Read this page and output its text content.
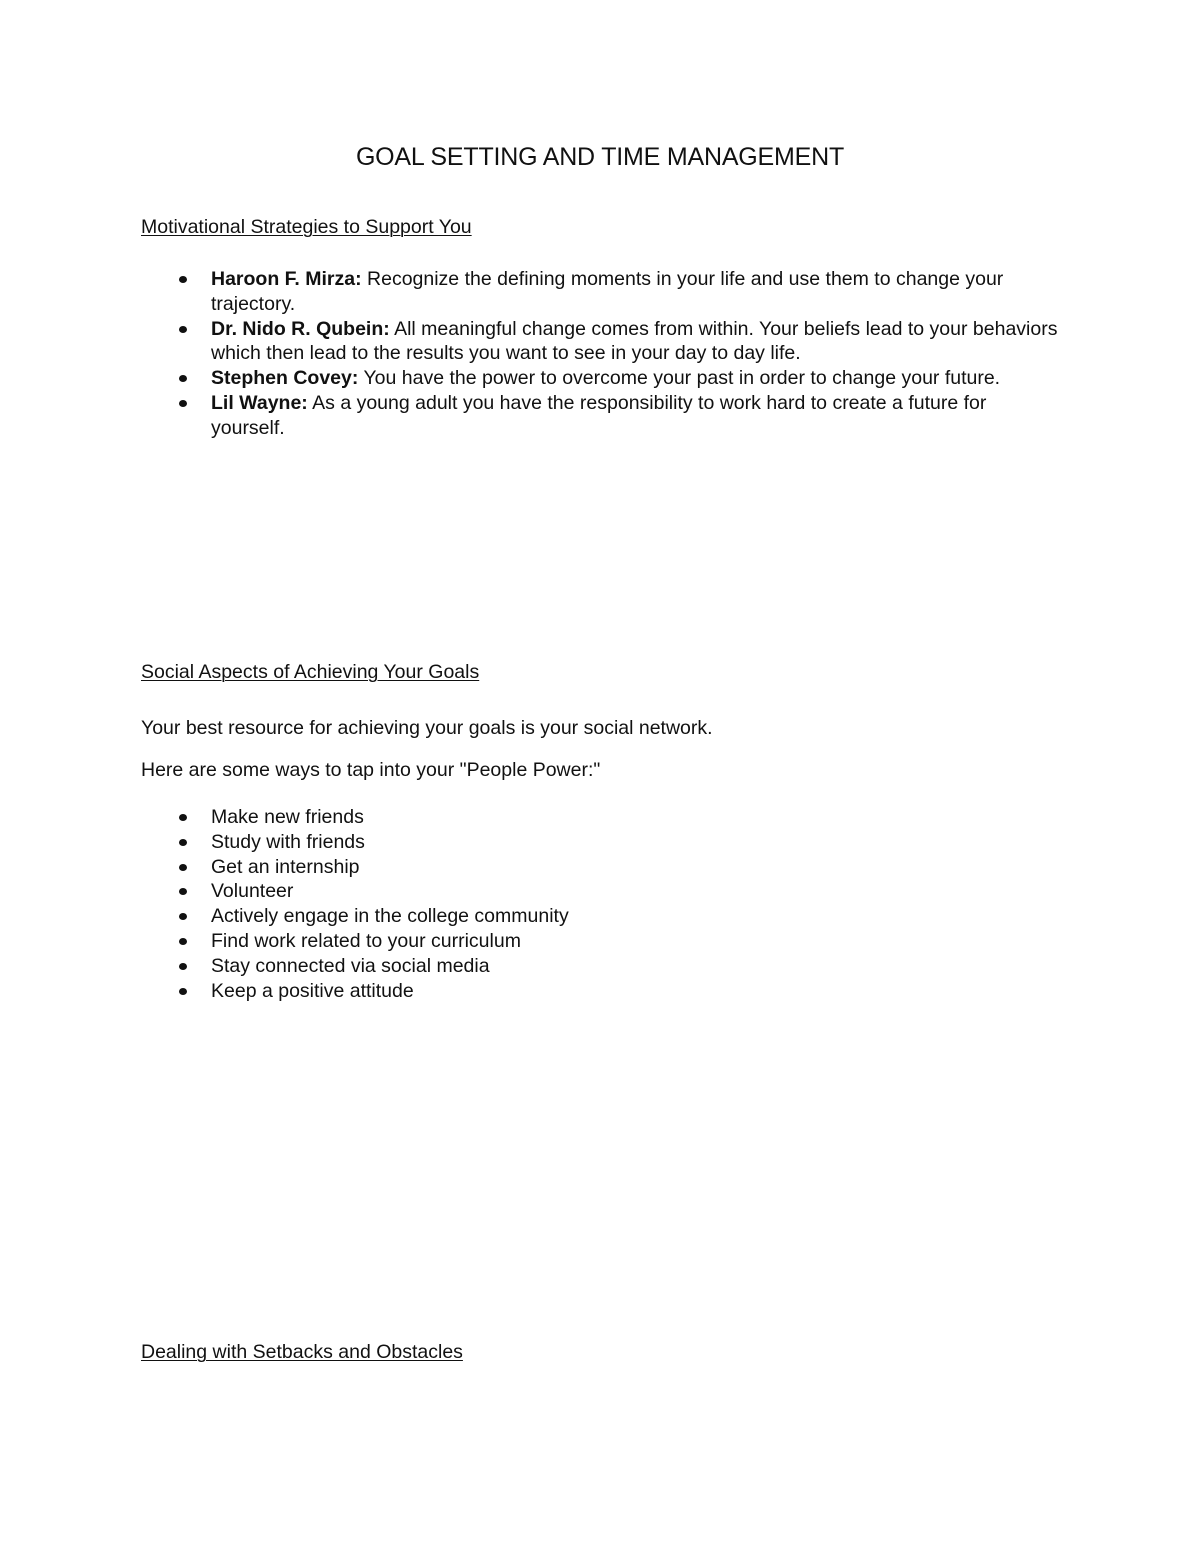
GOAL SETTING AND TIME MANAGEMENT
Motivational Strategies to Support You
Haroon F. Mirza: Recognize the defining moments in your life and use them to change your trajectory.
Dr. Nido R. Qubein: All meaningful change comes from within. Your beliefs lead to your behaviors which then lead to the results you want to see in your day to day life.
Stephen Covey: You have the power to overcome your past in order to change your future.
Lil Wayne: As a young adult you have the responsibility to work hard to create a future for yourself.
Social Aspects of Achieving Your Goals
Your best resource for achieving your goals is your social network.
Here are some ways to tap into your "People Power:"
Make new friends
Study with friends
Get an internship
Volunteer
Actively engage in the college community
Find work related to your curriculum
Stay connected via social media
Keep a positive attitude
Dealing with Setbacks and Obstacles
